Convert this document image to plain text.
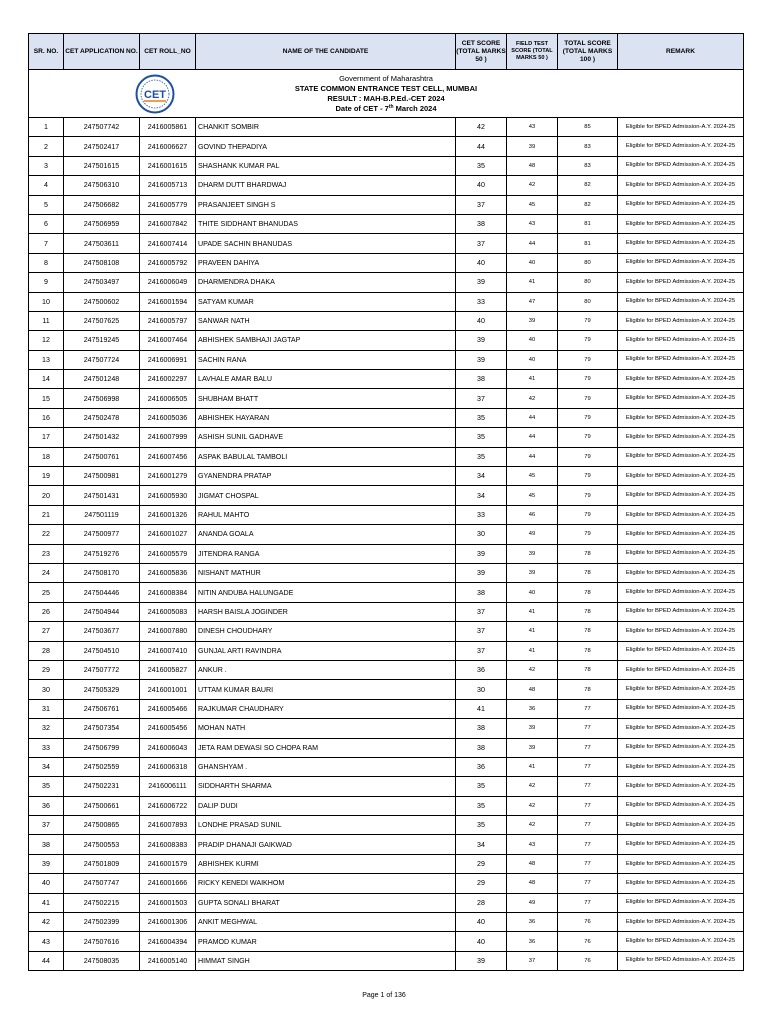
CET
Government of Maharashtra
STATE COMMON ENTRANCE TEST CELL, MUMBAI
RESULT : MAH-B.P.Ed.-CET 2024
Date of CET - 7th March 2024							

SR. NO.	CET APPLICATION NO.	CET ROLL_NO	NAME OF THE CANDIDATE	CET SCORE (TOTAL MARKS 50 )	FIELD TEST SCORE (TOTAL MARKS 50 )	TOTAL SCORE (TOTAL MARKS 100 )	REMARK
1	247507742	2416005861	CHANKIT SOMBIR	42	43	85	Eligible for BPED Admission-A.Y. 2024-25
2	247502417	2416006627	GOVIND THEPADIYA	44	39	83	Eligible for BPED Admission-A.Y. 2024-25
3	247501615	2416001615	SHASHANK KUMAR PAL	35	48	83	Eligible for BPED Admission-A.Y. 2024-25
4	247506310	2416005713	DHARM DUTT BHARDWAJ	40	42	82	Eligible for BPED Admission-A.Y. 2024-25
5	247506682	2416005779	PRASANJEET SINGH S	37	45	82	Eligible for BPED Admission-A.Y. 2024-25
6	247506959	2416007842	THITE SIDDHANT BHANUDAS	38	43	81	Eligible for BPED Admission-A.Y. 2024-25
7	247503611	2416007414	UPADE SACHIN BHANUDAS	37	44	81	Eligible for BPED Admission-A.Y. 2024-25
8	247508108	2416005792	PRAVEEN DAHIYA	40	40	80	Eligible for BPED Admission-A.Y. 2024-25
9	247503497	2416006049	DHARMENDRA DHAKA	39	41	80	Eligible for BPED Admission-A.Y. 2024-25
10	247500602	2416001594	SATYAM KUMAR	33	47	80	Eligible for BPED Admission-A.Y. 2024-25
11	247507625	2416005797	SANWAR NATH	40	39	79	Eligible for BPED Admission-A.Y. 2024-25
12	247519245	2416007464	ABHISHEK SAMBHAJI JAGTAP	39	40	79	Eligible for BPED Admission-A.Y. 2024-25
13	247507724	2416006991	SACHIN RANA	39	40	79	Eligible for BPED Admission-A.Y. 2024-25
14	247501248	2416002297	LAVHALE AMAR BALU	38	41	79	Eligible for BPED Admission-A.Y. 2024-25
15	247506998	2416006505	SHUBHAM BHATT	37	42	79	Eligible for BPED Admission-A.Y. 2024-25
16	247502478	2416005036	ABHISHEK HAYARAN	35	44	79	Eligible for BPED Admission-A.Y. 2024-25
17	247501432	2416007999	ASHISH SUNIL GADHAVE	35	44	79	Eligible for BPED Admission-A.Y. 2024-25
18	247500761	2416007456	ASPAK BABULAL TAMBOLI	35	44	79	Eligible for BPED Admission-A.Y. 2024-25
19	247500981	2416001279	GYANENDRA PRATAP	34	45	79	Eligible for BPED Admission-A.Y. 2024-25
20	247501431	2416005930	JIGMAT CHOSPAL	34	45	79	Eligible for BPED Admission-A.Y. 2024-25
21	247501119	2416001326	RAHUL MAHTO	33	46	79	Eligible for BPED Admission-A.Y. 2024-25
22	247500977	2416001027	ANANDA GOALA	30	49	79	Eligible for BPED Admission-A.Y. 2024-25
23	247519276	2416005579	JITENDRA RANGA	39	39	78	Eligible for BPED Admission-A.Y. 2024-25
24	247508170	2416005836	NISHANT MATHUR	39	39	78	Eligible for BPED Admission-A.Y. 2024-25
25	247504446	2416008384	NITIN ANDUBA HALUNGADE	38	40	78	Eligible for BPED Admission-A.Y. 2024-25
26	247504944	2416005083	HARSH BAISLA JOGINDER	37	41	78	Eligible for BPED Admission-A.Y. 2024-25
27	247503677	2416007880	DINESH CHOUDHARY	37	41	78	Eligible for BPED Admission-A.Y. 2024-25
28	247504510	2416007410	GUNJAL ARTI RAVINDRA	37	41	78	Eligible for BPED Admission-A.Y. 2024-25
29	247507772	2416005827	ANKUR .	36	42	78	Eligible for BPED Admission-A.Y. 2024-25
30	247505329	2416001001	UTTAM KUMAR BAURI	30	48	78	Eligible for BPED Admission-A.Y. 2024-25
31	247506761	2416005466	RAJKUMAR CHAUDHARY	41	36	77	Eligible for BPED Admission-A.Y. 2024-25
32	247507354	2416005456	MOHAN NATH	38	39	77	Eligible for BPED Admission-A.Y. 2024-25
33	247506799	2416006043	JETA RAM DEWASI SO CHOPA RAM	38	39	77	Eligible for BPED Admission-A.Y. 2024-25
34	247502559	2416006318	GHANSHYAM .	36	41	77	Eligible for BPED Admission-A.Y. 2024-25
35	247502231	2416006111	SIDDHARTH SHARMA	35	42	77	Eligible for BPED Admission-A.Y. 2024-25
36	247500661	2416006722	DALIP DUDI	35	42	77	Eligible for BPED Admission-A.Y. 2024-25
37	247500865	2416007893	LONDHE PRASAD SUNIL	35	42	77	Eligible for BPED Admission-A.Y. 2024-25
38	247500553	2416008383	PRADIP DHANAJI GAIKWAD	34	43	77	Eligible for BPED Admission-A.Y. 2024-25
39	247501809	2416001579	ABHISHEK KURMI	29	48	77	Eligible for BPED Admission-A.Y. 2024-25
40	247507747	2416001666	RICKY KENEDI WAIKHOM	29	48	77	Eligible for BPED Admission-A.Y. 2024-25
41	247502215	2416001503	GUPTA SONALI BHARAT	28	49	77	Eligible for BPED Admission-A.Y. 2024-25
42	247502399	2416001306	ANKIT MEGHWAL	40	36	76	Eligible for BPED Admission-A.Y. 2024-25
43	247507616	2416004394	PRAMOD KUMAR	40	36	76	Eligible for BPED Admission-A.Y. 2024-25
44	247508035	2416005140	HIMMAT SINGH	39	37	76	Eligible for BPED Admission-A.Y. 2024-25
Page 1 of 136
